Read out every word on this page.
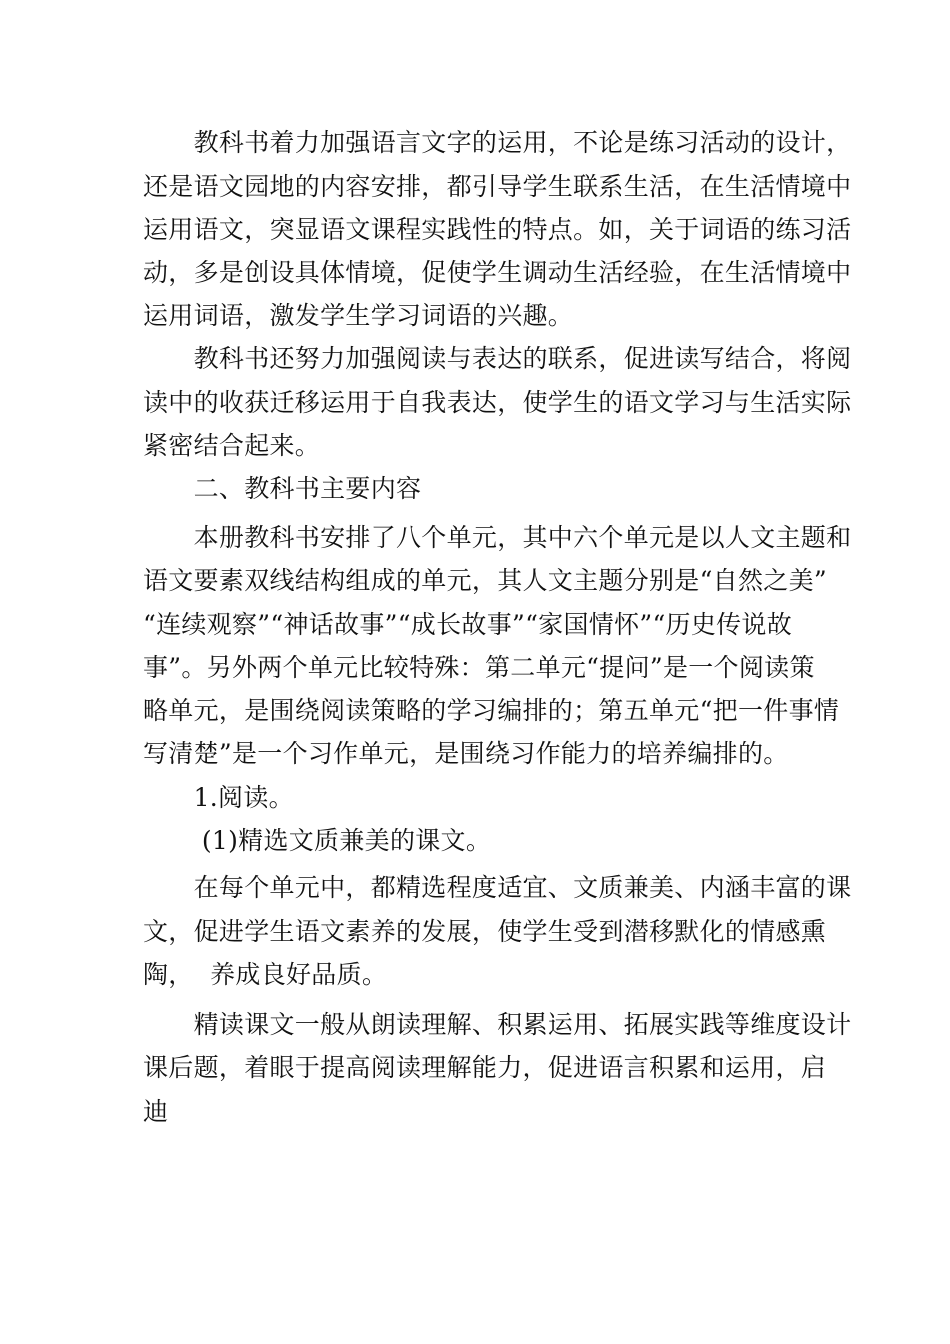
　　教科书着力加强语言文字的运用，不论是练习活动的设计，
还是语文园地的内容安排，都引导学生联系生活，在生活情境中
运用语文，突显语文课程实践性的特点。如，关于词语的练习活
动，多是创设具体情境，促使学生调动生活经验，在生活情境中
运用词语，激发学生学习词语的兴趣。
　　教科书还努力加强阅读与表达的联系，促进读写结合，将阅
读中的收获迁移运用于自我表达，使学生的语文学习与生活实际
紧密结合起来。
　　二、教科书主要内容
　　本册教科书安排了八个单元，其中六个单元是以人文主题和
语文要素双线结构组成的单元，其人文主题分别是“自然之美”
“连续观察”“神话故事”“成长故事”“家国情怀”“历史传说故
事”。另外两个单元比较特殊：第二单元“提问”是一个阅读策
略单元，是围绕阅读策略的学习编排的；第五单元“把一件事情
写清楚”是一个习作单元，是围绕习作能力的培养编排的。
　　1.阅读。
　　 (1)精选文质兼美的课文。
　　在每个单元中，都精选程度适宜、文质兼美、内涵丰富的课
文，促进学生语文素养的发展，使学生受到潜移默化的情感熏
陶，  养成良好品质。
　　精读课文一般从朗读理解、积累运用、拓展实践等维度设计
课后题，着眼于提高阅读理解能力，促进语言积累和运用，启
迪
